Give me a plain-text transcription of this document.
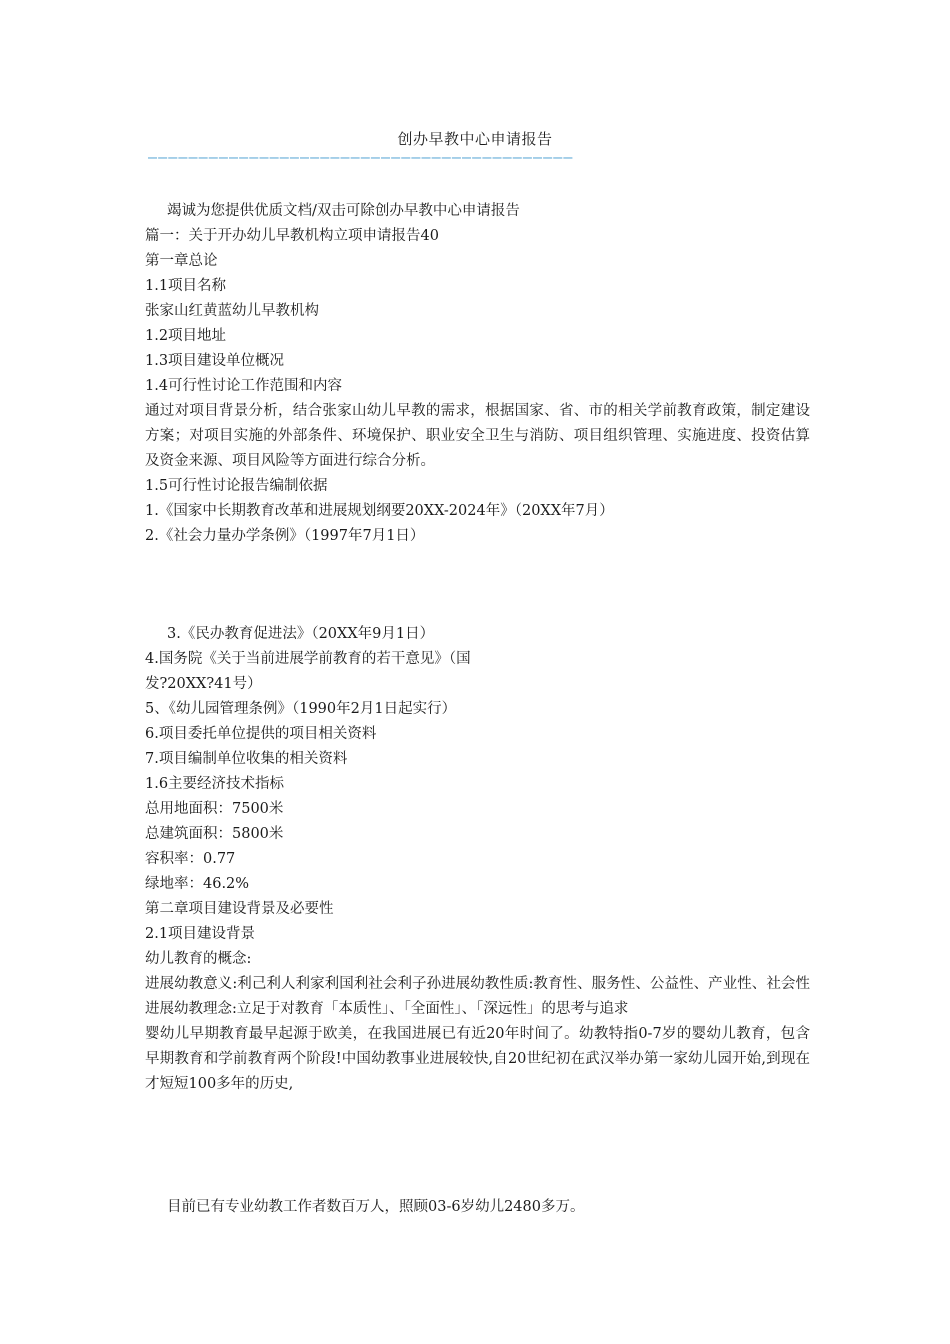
创办早教中心申请报告
——————————————————————————————————————————

竭诚为您提供优质文档/双击可除创办早教中心申请报告

篇一：关于开办幼儿早教机构立项申请报告40

第一章总论

1.1项目名称

张家山红黄蓝幼儿早教机构

1.2项目地址

1.3项目建设单位概况

1.4可行性讨论工作范围和内容

通过对项目背景分析，结合张家山幼儿早教的需求，根据国家、省、市的相关学前教育政策，制定建设方案；对项目实施的外部条件、环境保护、职业安全卫生与消防、项目组织管理、实施进度、投资估算及资金来源、项目风险等方面进行综合分析。

1.5可行性讨论报告编制依据

1.《国家中长期教育改革和进展规划纲要20XX-2024年》（20XX年7月）

2.《社会力量办学条例》（1997年7月1日）

3.《民办教育促进法》（20XX年9月1日）

4.国务院《关于当前进展学前教育的若干意见》（国

发?20XX?41号）

5、《幼儿园管理条例》（1990年2月1日起实行）

6.项目委托单位提供的项目相关资料

7.项目编制单位收集的相关资料

1.6主要经济技术指标

总用地面积：7500米

总建筑面积：5800米

容积率：0.77

绿地率：46.2%

第二章项目建设背景及必要性

2.1项目建设背景

幼儿教育的概念:

进展幼教意义:利己利人利家利国利社会利子孙进展幼教性质:教育性、服务性、公益性、产业性、社会性进展幼教理念:立足于对教育「本质性」、「全面性」、「深远性」的思考与追求

婴幼儿早期教育最早起源于欧美，在我国进展已有近20年时间了。幼教特指0-7岁的婴幼儿教育，包含早期教育和学前教育两个阶段!中国幼教事业进展较快,自20世纪初在武汉举办第一家幼儿园开始,到现在才短短100多年的历史,

目前已有专业幼教工作者数百万人，照顾03-6岁幼儿2480多万。
